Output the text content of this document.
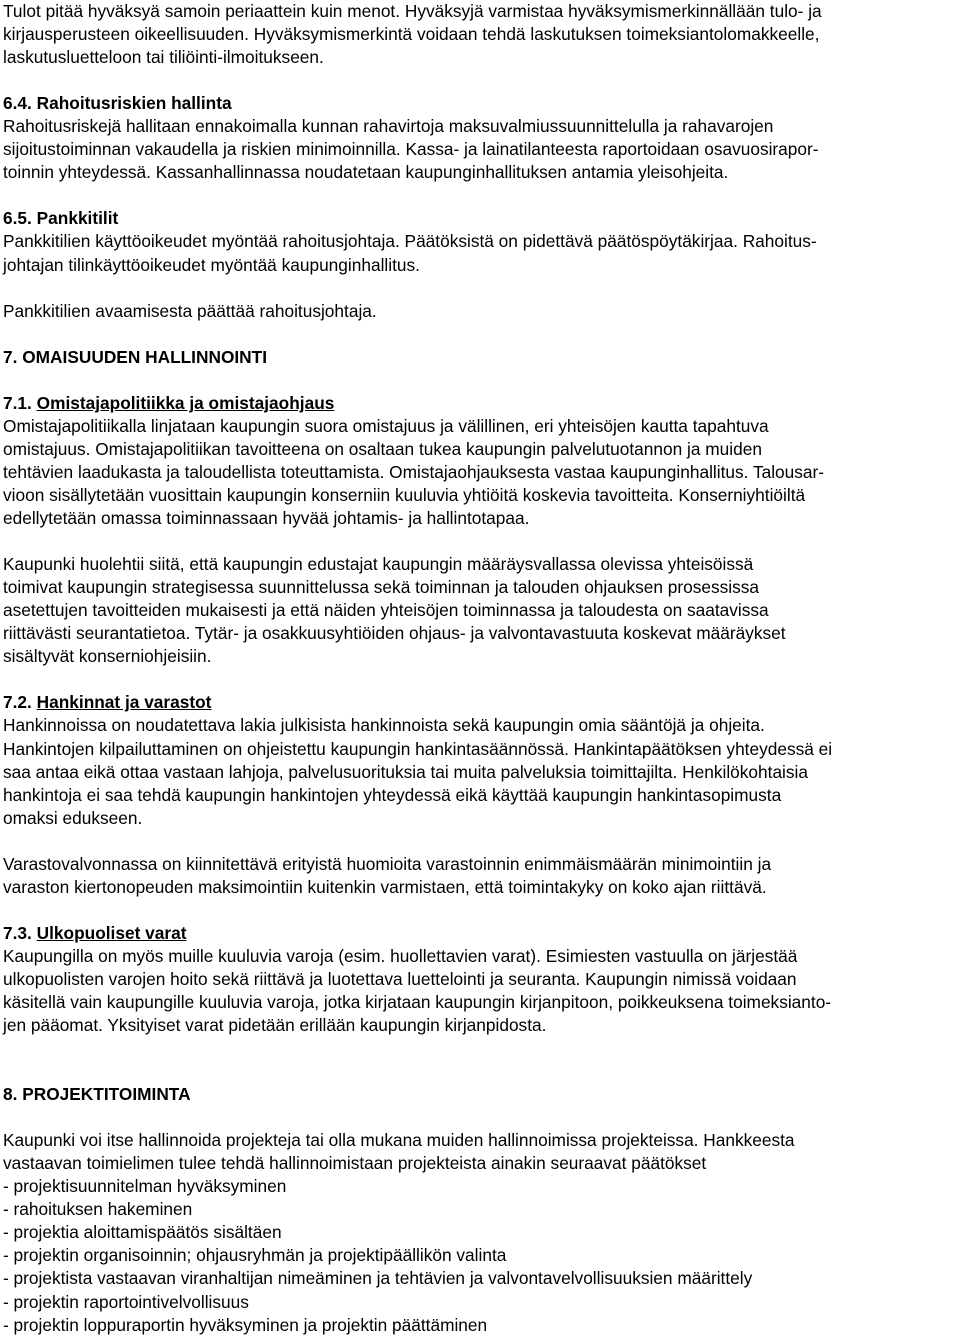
Tulot pitää hyväksyä samoin periaattein kuin menot. Hyväksyjä varmistaa hyväksymismerkinnällään tulo- ja
kirjausperusteen oikeellisuuden. Hyväksymismerkintä voidaan tehdä laskutuksen toimeksiantolomakkeelle,
laskutusluetteloon tai tiliöinti-ilmoitukseen.
6.4. Rahoitusriskien hallinta
Rahoitusriskejä hallitaan ennakoimalla kunnan rahavirtoja maksuvalmiussuunnittelulla ja rahavarojen
sijoitustoiminnan vakaudella ja riskien minimoinnilla. Kassa- ja lainatilanteesta raportoidaan osavuosirapor-
toinnin yhteydessä. Kassanhallinnassa noudatetaan kaupunginhallituksen antamia yleisohjeita.
6.5. Pankkitilit
Pankkitilien käyttöoikeudet myöntää rahoitusjohtaja. Päätöksistä on pidettävä päätöspöytäkirjaa. Rahoitus-
johtajan tilinkäyttöoikeudet myöntää kaupunginhallitus.
Pankkitilien avaamisesta päättää rahoitusjohtaja.
7. OMAISUUDEN HALLINNOINTI
7.1. Omistajapolitiikka ja omistajaohjaus
Omistajapolitiikalla linjataan kaupungin suora omistajuus ja välillinen, eri yhteisöjen kautta tapahtuva
omistajuus. Omistajapolitiikan tavoitteena on osaltaan tukea kaupungin palvelutuotannon ja muiden
tehtävien laadukasta ja taloudellista toteuttamista. Omistajaohjauksesta vastaa kaupunginhallitus. Talousar-
vioon sisällytetään vuosittain kaupungin konserniin kuuluvia yhtiöitä koskevia tavoitteita. Konserniyhtiöiltä
edellytetään omassa toiminnassaan hyvää johtamis- ja hallintotapaa.
Kaupunki huolehtii siitä, että kaupungin edustajat kaupungin määräysvallassa olevissa yhteisöissä
toimivat kaupungin strategisessa suunnittelussa sekä toiminnan ja talouden ohjauksen prosessissa
asetettujen tavoitteiden mukaisesti ja että näiden yhteisöjen toiminnassa ja taloudesta on saatavissa
riittävästi seurantatietoa. Tytär- ja osakkuusyhtiöiden ohjaus- ja valvontavastuuta koskevat määräykset
sisältyvät konserniohjeisiin.
7.2. Hankinnat ja varastot
Hankinnoissa on noudatettava lakia julkisista hankinnoista sekä kaupungin omia sääntöjä ja ohjeita.
Hankintojen kilpailuttaminen on ohjeistettu kaupungin hankintasäännössä. Hankintapäätöksen yhteydessä ei
saa antaa eikä ottaa vastaan lahjoja, palvelusuorituksia tai muita palveluksia toimittajilta. Henkilökohtaisia
hankintoja ei saa tehdä kaupungin hankintojen yhteydessä eikä käyttää kaupungin hankintasopimusta
omaksi edukseen.
Varastovalvonnassa on kiinnitettävä erityistä huomioita varastoinnin enimmäismäärän minimointiin ja
varaston kiertonopeuden maksimointiin kuitenkin varmistaen, että toimintakyky on koko ajan riittävä.
7.3. Ulkopuoliset varat
Kaupungilla on myös muille kuuluvia varoja (esim. huollettavien varat). Esimiesten vastuulla on järjestää
ulkopuolisten varojen hoito sekä riittävä ja luotettava luettelointi ja seuranta. Kaupungin nimissä voidaan
käsitellä vain kaupungille kuuluvia varoja, jotka kirjataan kaupungin kirjanpitoon, poikkeuksena toimeksianto-
jen pääomat. Yksityiset varat pidetään erillään kaupungin kirjanpidosta.
8. PROJEKTITOIMINTA
Kaupunki voi itse hallinnoida projekteja tai olla mukana muiden hallinnoimissa projekteissa. Hankkeesta
vastaavan toimielimen tulee tehdä hallinnoimistaan projekteista ainakin seuraavat päätökset
- projektisuunnitelman hyväksyminen
- rahoituksen hakeminen
- projektia aloittamispäätös sisältäen
- projektin organisoinnin; ohjausryhmän ja projektipäällikön valinta
- projektista vastaavan viranhaltijan nimeäminen ja tehtävien ja valvontavelvollisuuksien määrittely
- projektin raportointivelvollisuus
- projektin loppuraportin hyväksyminen ja projektin päättäminen
